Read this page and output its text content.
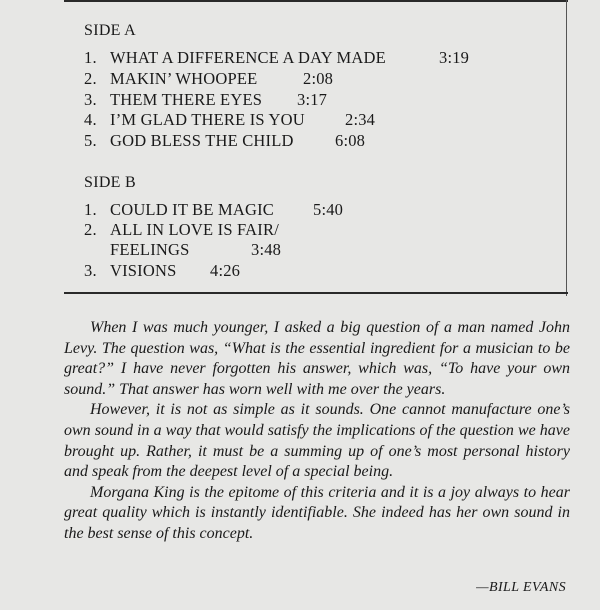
SIDE A
1. WHAT A DIFFERENCE A DAY MADE	3:19
2. MAKIN’ WHOOPEE	2:08
3. THEM THERE EYES 3:17
4. I’M GLAD THERE IS YOU 2:34
5. GOD BLESS THE CHILD	6:08
SIDE B
1. COULD IT BE MAGIC 5:40
2. ALL IN LOVE IS FAIR/
FEELINGS	3:48
3. VISIONS 4:26

When I was much younger, I asked a big question of a man named John Levy. The question was, “What is the essential ingredient for a musician to be great?” I have never forgotten his answer, which was, “To have your own sound.” That answer has worn well with me over the years.

However, it is not as simple as it sounds. One cannot manufacture one’s own sound in a way that would satisfy the implications of the question we have brought up. Rather, it must be a summing up of one’s most personal history and speak from the deepest level of a special being.

Morgana King is the epitome of this criteria and it is a joy always to hear great quality which is instantly identifiable. She indeed has her own sound in the best sense of this concept.

—BILL EVANS
